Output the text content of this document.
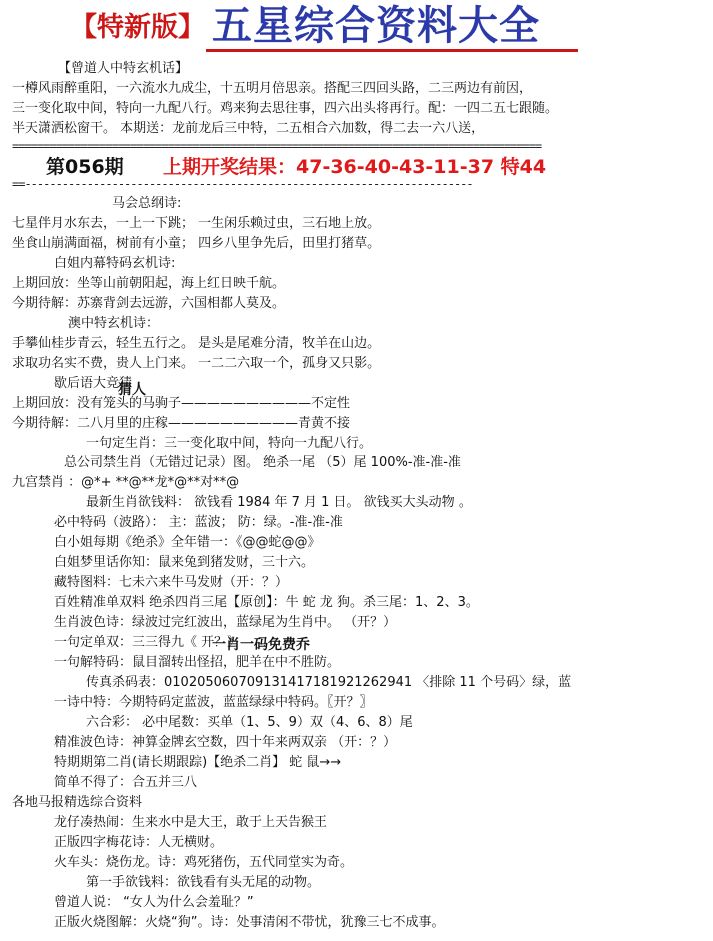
【特新版】 五星综合资料大全
【曾道人中特玄机话】
一樽风雨醉重阳，一六流水九成尘，十五明月倍思亲。搭配三四回头路，二三两边有前因，
三一变化取中间，特向一九配八行。鸡来狗去思往事，四六出头将再行。配：一四二五七跟随。
半天潇洒松窗干。 本期送：龙前龙后三中特，二五相合六加数，得二去一六八送，
=====================================================================================
==------------------------------------------------------------------------
第056期 上期开奖结果：47-36-40-43-11-37 特44
马会总纲诗:
七星伴月水东去，一上一下跳； 一生闲乐赖过虫，三石地上放。
坐食山崩满面福，树前有小童； 四乡八里争先后，田里打猪草。
白姐内幕特码玄机诗:
上期回放：坐等山前朝阳起，海上红日映千航。
今期待解：苏寨背剑去远游，六国相都人莫及。
澳中特玄机诗：
手攀仙桂步青云，轻生五行之。 是头是尾难分清，牧羊在山边。
求取功名实不费，贵人上门来。 一二二六取一个，孤身又只影。
歇后语大竞猜
猜人
上期回放：没有笼头的马驹子——————————不定性
今期待解：二八月里的庄稼——————————青黄不接
一句定生肖：三一变化取中间，特向一九配八行。
总公司禁生肖（无错过记录）图。 绝杀一尾 （5）尾 100%-准-准-准
九宫禁肖 ：@*+ **@**龙*@**对**@
最新生肖欲钱料： 欲钱看 1984 年 7 月 1 日。 欲钱买大头动物 。
必中特码（波路）： 主：蓝波； 防：绿。-准-准-准
白小姐每期《绝杀》全年错一：《@@蛇@@》
白姐梦里话你知：鼠来兔到猪发财，三十六。
藏特图料：七未六来牛马发财（开：？）
百姓精准单双料 绝杀四肖三尾【原创】：牛 蛇 龙 狗。杀三尾：1、2、3。
生肖波色诗：绿波过完红波出，蓝绿尾为生肖中。 （开？）
一句定单双：三三得九《 开？》
一肖一码免费乔
一句解特码：鼠目溜转出怪招，肥羊在中不胜防。
传真杀码表：010205060709131417181921262941 〈排除 11 个号码〉绿，蓝
一诗中特：今期特码定蓝波，蓝蓝绿绿中特码。〖开？〗
六合彩： 必中尾数：买单（1、5、9）双（4、6、8）尾
精准波色诗：神算金牌玄空数，四十年来两双亲 （开：？）
特期期第二肖(请长期跟踪)【绝杀二肖】 蛇 鼠→→
简单不得了：合五并三八
各地马报精选综合资料
龙仔凑热闹：生来水中是大王，敢于上天告猴王
正版四字梅花诗：人无横财。
火车头：烧伤龙。诗：鸡死猪伤，五代同堂实为奇。
第一手欲钱料：欲钱看有头无尾的动物。
曾道人说： “女人为什么会羞耻？”
正版火烧图解：火烧“狗”。诗：处事清闲不带忧，犹豫三七不成事。
